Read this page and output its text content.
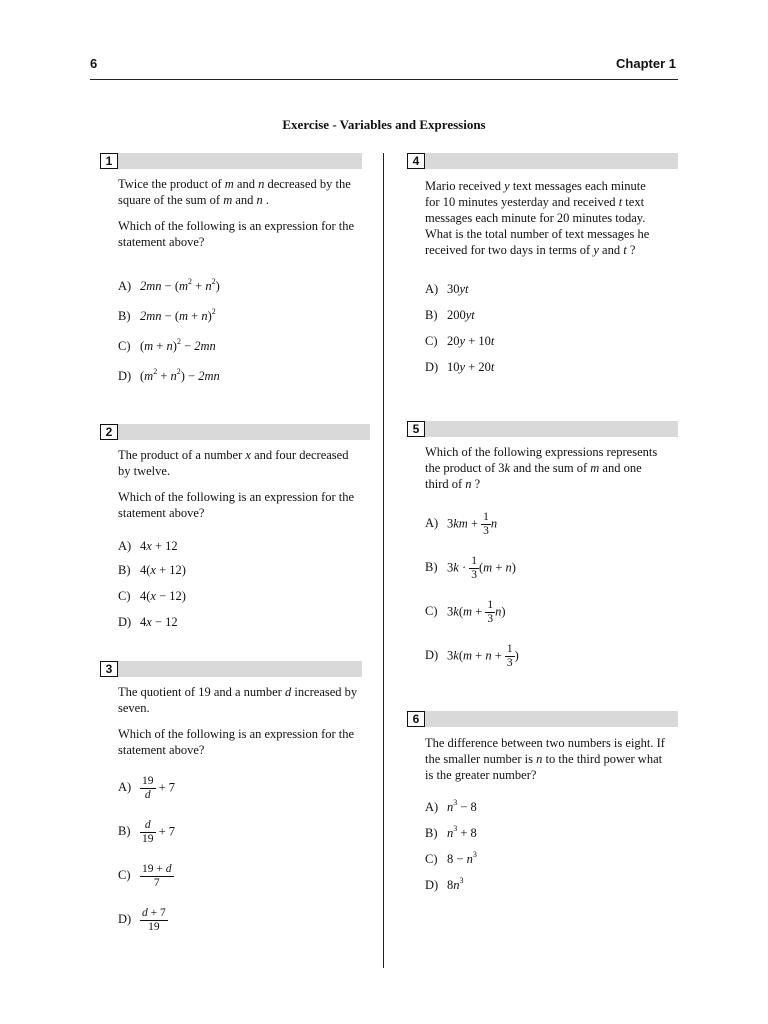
6	Chapter 1
Exercise - Variables and Expressions
1

Twice the product of m and n decreased by the square of the sum of m and n .

Which of the following is an expression for the statement above?

A) $2mn - (m^2 + n^2)$
B) $2mn - (m + n)^2$
C) $(m + n)^2 - 2mn$
D) $(m^2 + n^2) - 2mn$
2

The product of a number x and four decreased by twelve.

Which of the following is an expression for the statement above?

A) 4x + 12
B) 4(x + 12)
C) 4(x − 12)
D) 4x − 12
3

The quotient of 19 and a number d increased by seven.

Which of the following is an expression for the statement above?

$A) \frac{19}{d} + 7$
$B) \frac{d}{19} + 7$
$C) \frac{19 + d}{7}$
$D) \frac{d + 7}{19}$
4

Mario received y text messages each minute for 10 minutes yesterday and received t text messages each minute for 20 minutes today. What is the total number of text messages he received for two days in terms of y and t ?

A) 30yt
B) 200yt
C) 20y + 10t
D) 10y + 20t
5

Which of the following expressions represents the product of 3k and the sum of m and one third of n ?

A) $3km + \frac{1}{3}$ n
B) $3k \cdot \frac{1}{3} (m + n)$
C) $3k(m + \frac{1}{3} n)$
D) $3k(m + n + \frac{1}{3}$ )
6

The difference between two numbers is eight. If the smaller number is n to the third power what is the greater number?

A) $n^3 - 8$
B) $n^3 + 8$
C) $8 - n^3$
D) $8n^3$
